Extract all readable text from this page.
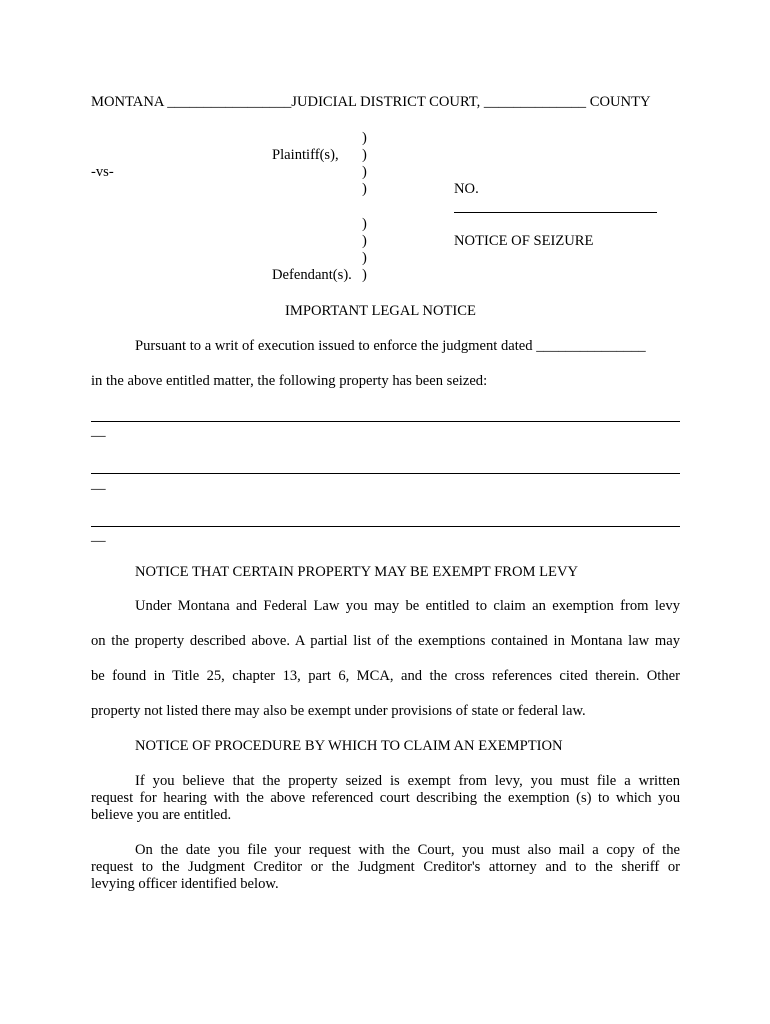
MONTANA _________________JUDICIAL DISTRICT COURT, ______________ COUNTY
)
Plaintiff(s), )
-vs-	)
)	NO.
)
)	NOTICE OF SEIZURE
)
Defendant(s). )
IMPORTANT LEGAL NOTICE
Pursuant to a writ of execution issued to enforce the judgment dated _______________
in the above entitled matter, the following property has been seized:
—
—
—
NOTICE THAT CERTAIN PROPERTY MAY BE EXEMPT FROM LEVY
Under Montana and Federal Law you may be entitled to claim an exemption from levy
on the property described above. A partial list of the exemptions contained in Montana law may
be found in Title 25, chapter 13, part 6, MCA, and the cross references cited therein. Other
property not listed there may also be exempt under provisions of state or federal law.
NOTICE OF PROCEDURE BY WHICH TO CLAIM AN EXEMPTION
If you believe that the property seized is exempt from levy, you must file a written
request for hearing with the above referenced court describing the exemption (s) to which you
believe you are entitled.
On the date you file your request with the Court, you must also mail a copy of the
request to the Judgment Creditor or the Judgment Creditor's attorney and to the sheriff or
levying officer identified below.
